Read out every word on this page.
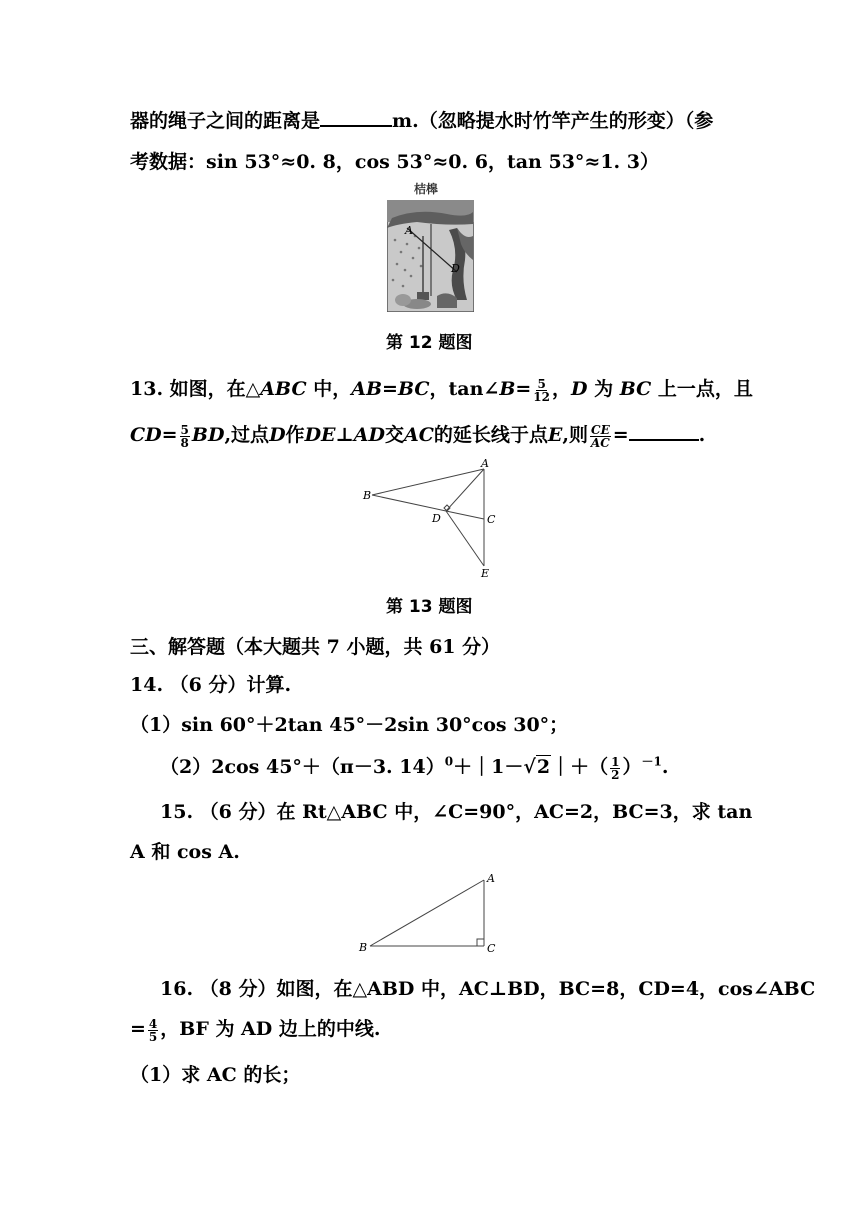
器的绳子之间的距离是	m.（忽略提水时竹竿产生的形变）（参
考数据：sin 53°≈0. 8，cos 53°≈0. 6，tan 53°≈1. 3）
桔槔
A
D
第 12 题图
13. 如图，在△ABC 中，AB=BC，tan∠B= $\frac{5}{12}$ ，D 为 BC 上一点，且
$CD= \frac{5}{8}$ BD,过点D作DE⊥AD交AC的延长线于点E,则 $\frac{CE}{AC}$ =	.
A
B
C
D
E
第 13 题图
三、解答题（本大题共 7 小题，共 61 分）
14. （6 分）计算.
（1）sin 60°＋2tan 45°－2sin 30°cos 30°；
（2）2cos 45°＋（π－3. 14）$^0$＋｜1－√2｜＋（ $\frac{1}{2} )^{-1}$.
15. （6 分）在 Rt△ABC 中，∠C=90°，AC=2，BC=3，求 tan
A 和 cos A.
A
B	C
16. （8 分）如图，在△ABD 中，AC⊥BD，BC=8，CD=4，cos∠ABC
= $\frac{4}{5}$ ，BF 为 AD 边上的中线.
（1）求 AC 的长；
